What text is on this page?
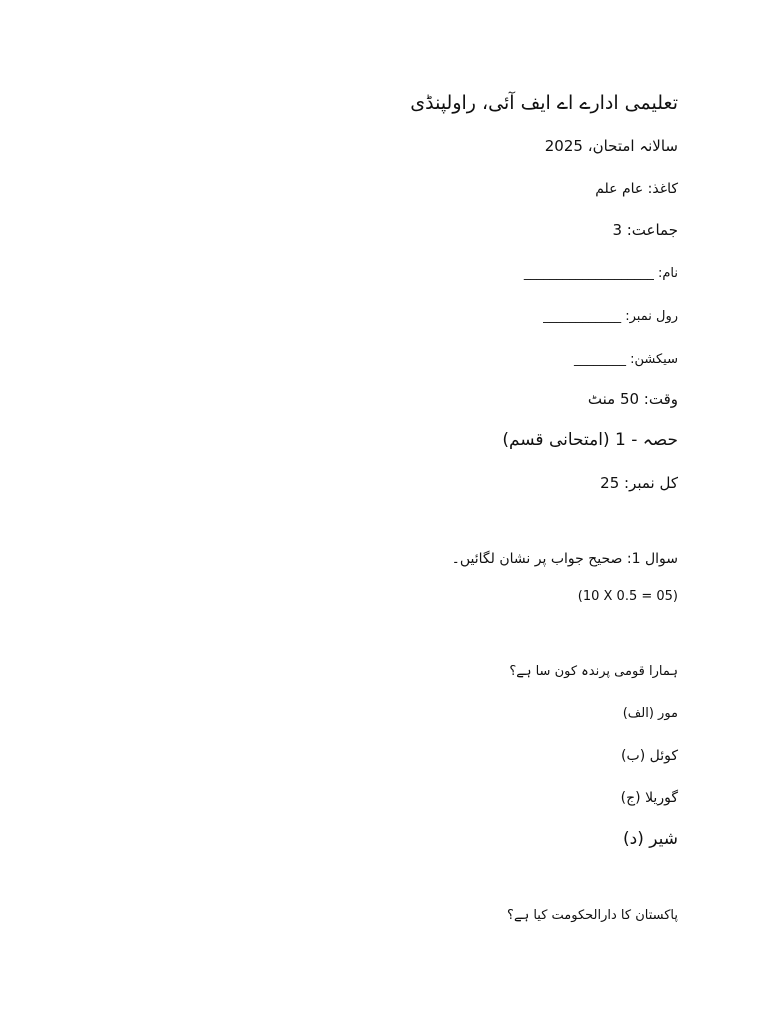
تعلیمی ادارے اے ایف آئی، راولپنڈی
سالانہ امتحان، 2025
کاغذ: عام علم
جماعت: 3
نام: ____________________
رول نمبر: ____________
سیکشن: ________
وقت: 50 منٹ
حصہ - 1 (امتحانی قسم)
کل نمبر: 25
سوال 1: صحیح جواب پر نشان لگائیں۔
(10 X 0.5 = 05)
ہمارا قومی پرندہ کون سا ہے؟
مور (الف)
کوئل (ب)
گوریلا (ج)
شیر (د)
پاکستان کا دارالحکومت کیا ہے؟
